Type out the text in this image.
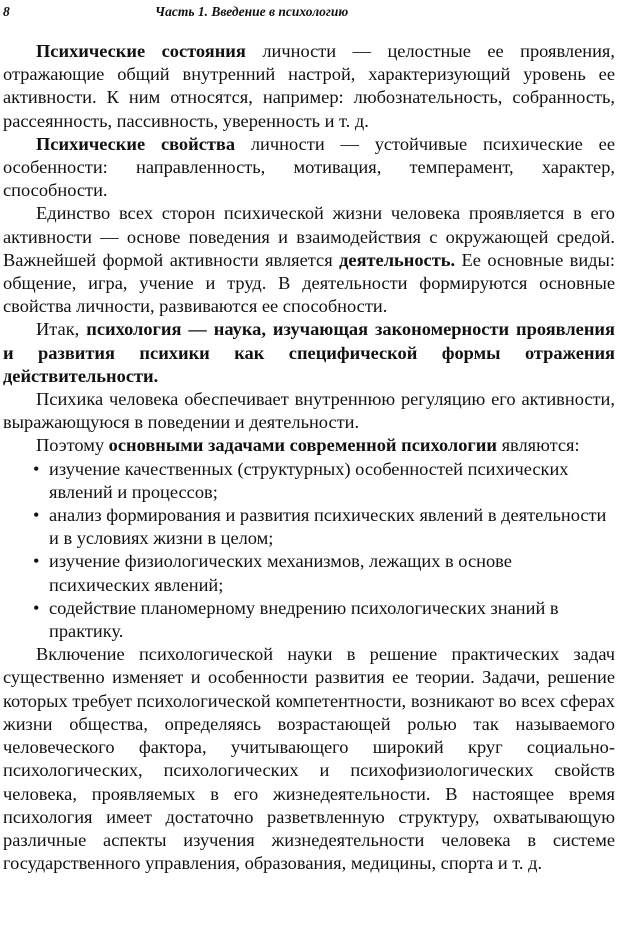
8	Часть 1. Введение в психологию

Психические состояния личности — целостные ее проявления, отражающие общий внутренний настрой, характеризующий уровень ее активности. К ним относятся, например: любознательность, собранность, рассеянность, пассивность, уверенность и т. д.

Психические свойства личности — устойчивые психические ее особенности: направленность, мотивация, темперамент, характер, способности.

Единство всех сторон психической жизни человека проявляется в его активности — основе поведения и взаимодействия с окружающей средой. Важнейшей формой активности является деятельность. Ее основные виды: общение, игра, учение и труд. В деятельности формируются основные свойства личности, развиваются ее способности.

Итак, психология — наука, изучающая закономерности проявления и развития психики как специфической формы отражения действительности.

Психика человека обеспечивает внутреннюю регуляцию его активности, выражающуюся в поведении и деятельности.

Поэтому основными задачами современной психологии являются:

• изучение качественных (структурных) особенностей психических явлений и процессов;
• анализ формирования и развития психических явлений в деятельности и в условиях жизни в целом;
• изучение физиологических механизмов, лежащих в основе психических явлений;
• содействие планомерному внедрению психологических знаний в практику.

Включение психологической науки в решение практических задач существенно изменяет и особенности развития ее теории. Задачи, решение которых требует психологической компетентности, возникают во всех сферах жизни общества, определяясь возрастающей ролью так называемого человеческого фактора, учитывающего широкий круг социально-психологических, психологических и психофизиологических свойств человека, проявляемых в его жизнедеятельности. В настоящее время психология имеет достаточно разветвленную структуру, охватывающую различные аспекты изучения жизнедеятельности человека в системе государственного управления, образования, медицины, спорта и т. д.
